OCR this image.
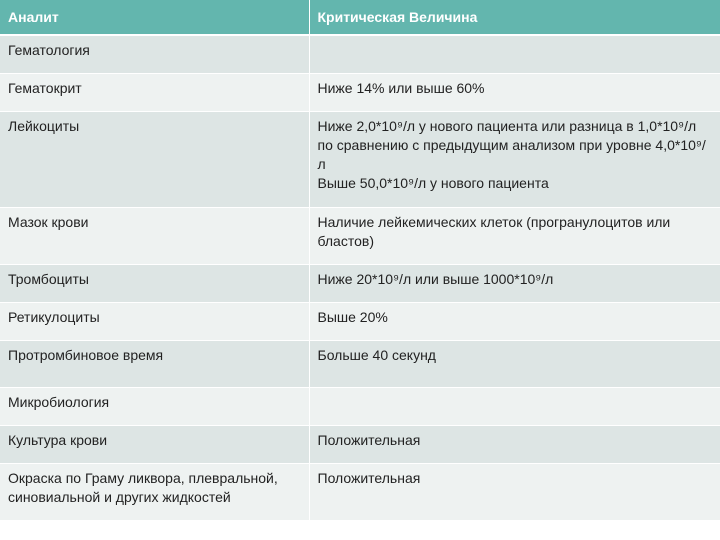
Аналит	Критическая Величина
Гематология	
Гематокрит	Ниже 14% или выше 60%

Лейкоциты	Ниже 2,0*10⁹/л у нового пациента или разница в 1,0*10⁹/л по сравнению с предыдущим анализом при уровне 4,0*10⁹/л
Выше 50,0*10⁹/л у нового пациента

Мазок крови	Наличие лейкемических клеток (програнулоцитов или бластов)

Тромбоциты	Ниже 20*10⁹/л или выше 1000*10⁹/л

Ретикулоциты	Выше 20%

Протромбиновое время	Больше 40 секунд

Микробиология	
Культура крови	Положительная

Окраска по Граму ликвора, плевральной, синовиальной и других жидкостей	Положительная
